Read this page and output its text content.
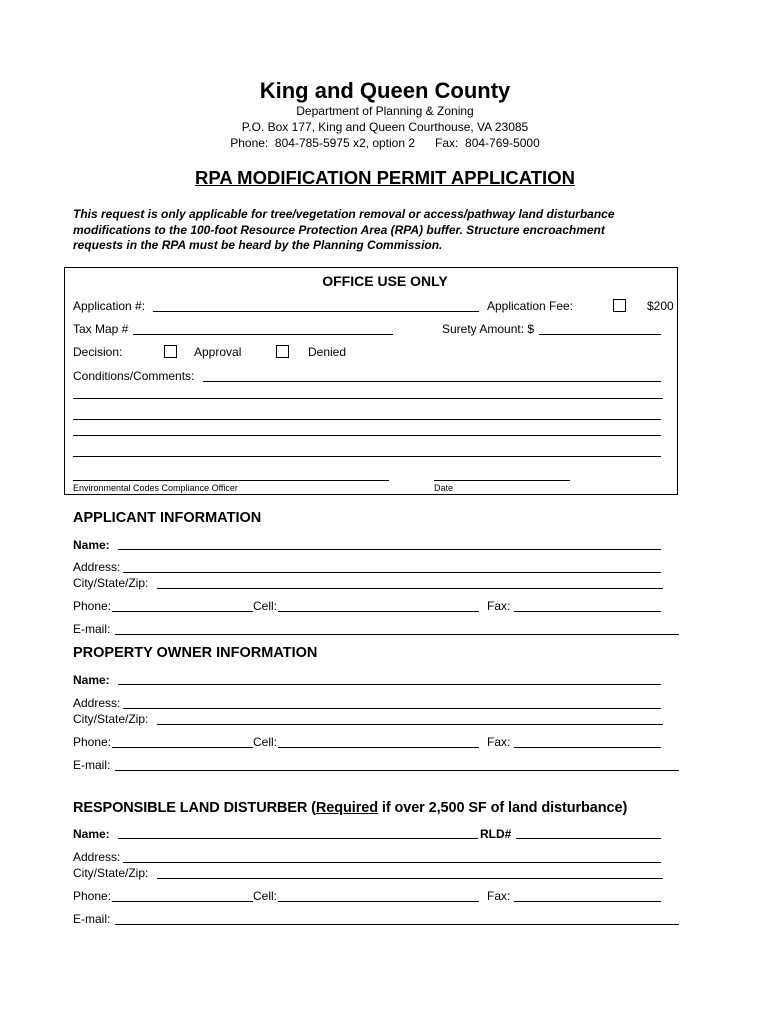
King and Queen County
Department of Planning & Zoning
P.O. Box 177, King and Queen Courthouse, VA 23085
Phone:  804-785-5975 x2, option 2      Fax:  804-769-5000
RPA MODIFICATION PERMIT APPLICATION
This request is only applicable for tree/vegetation removal or access/pathway land disturbance
modifications to the 100-foot Resource Protection Area (RPA) buffer. Structure encroachment
requests in the RPA must be heard by the Planning Commission.
OFFICE USE ONLY
Application #:	Application Fee:	$200
Tax Map #	Surety Amount: $
Decision:	Approval	Denied
Conditions/Comments:
Environmental Codes Compliance Officer	Date
APPLICANT INFORMATION
Name:
Address:
City/State/Zip:
Phone:	Cell:	Fax:
E-mail:
PROPERTY OWNER INFORMATION
Name:
Address:
City/State/Zip:
Phone:	Cell:	Fax:
E-mail:
RESPONSIBLE LAND DISTURBER (Required if over 2,500 SF of land disturbance)
Name:	RLD#
Address:
City/State/Zip:
Phone:	Cell:	Fax:
E-mail:
